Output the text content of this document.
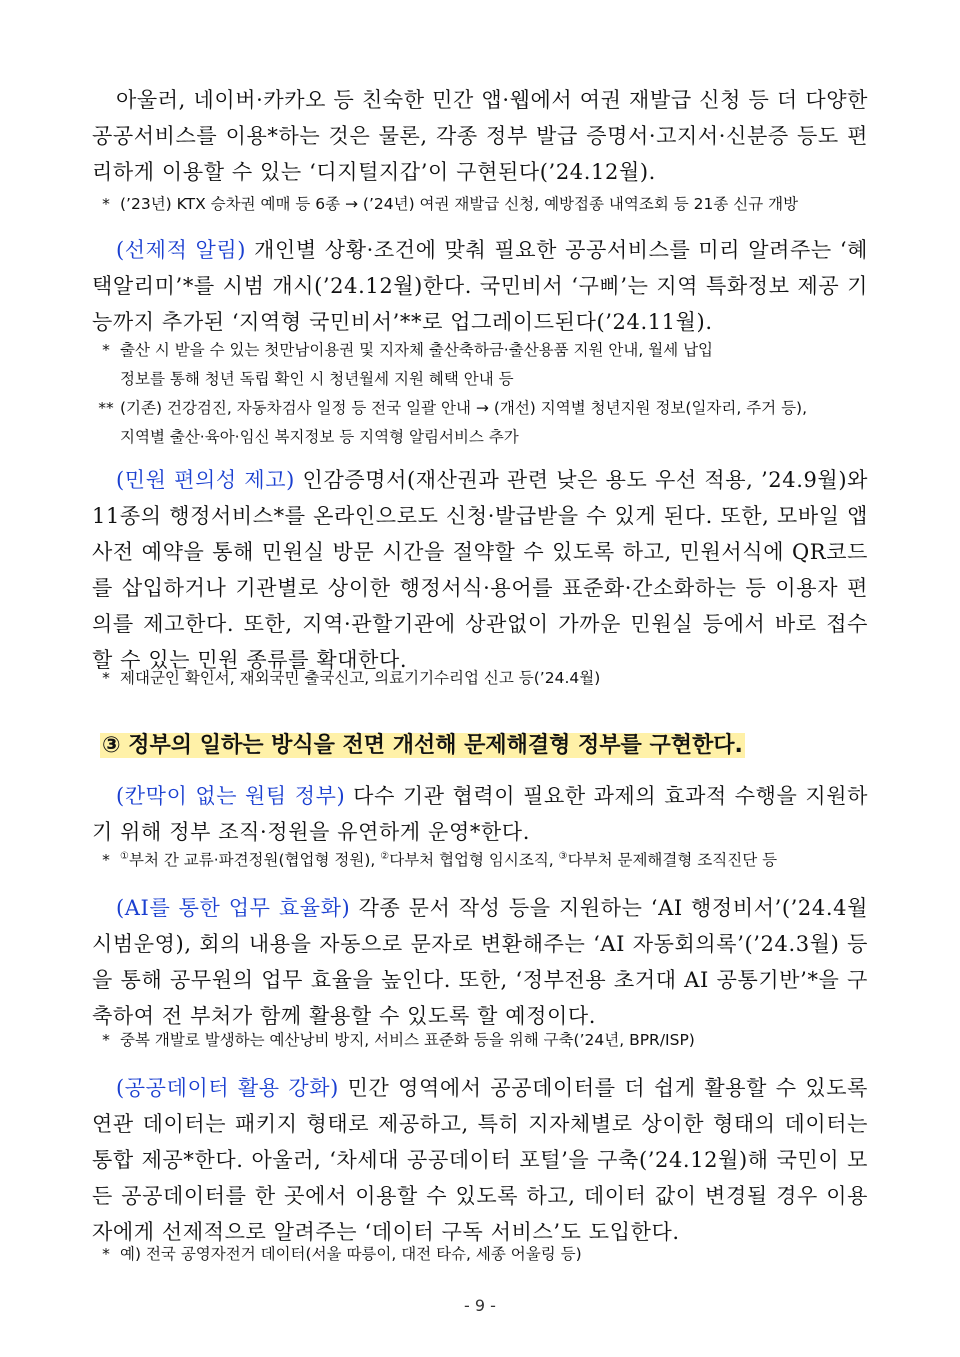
아울러, 네이버·카카오 등 친숙한 민간 앱·웹에서 여권 재발급 신청 등 더 다양한 공공서비스를 이용*하는 것은 물론, 각종 정부 발급 증명서·고지서·신분증 등도 편리하게 이용할 수 있는 ‘디지털지갑’이 구현된다(’24.12월).
* (’23년) KTX 승차권 예매 등 6종 → (’24년) 여권 재발급 신청, 예방접종 내역조회 등 21종 신규 개방
(선제적 알림) 개인별 상황·조건에 맞춰 필요한 공공서비스를 미리 알려주는 ‘혜택알리미’*를 시범 개시(’24.12월)한다. 국민비서 ‘구삐’는 지역 특화정보 제공 기능까지 추가된 ‘지역형 국민비서’**로 업그레이드된다(’24.11월).
* 출산 시 받을 수 있는 첫만남이용권 및 지자체 출산축하금·출산용품 지원 안내, 월세 납입
정보를 통해 청년 독립 확인 시 청년월세 지원 혜택 안내 등
** (기존) 건강검진, 자동차검사 일정 등 전국 일괄 안내 → (개선) 지역별 청년지원 정보(일자리, 주거 등),
지역별 출산·육아·임신 복지정보 등 지역형 알림서비스 추가
(민원 편의성 제고) 인감증명서(재산권과 관련 낮은 용도 우선 적용, ’24.9월)와 11종의 행정서비스*를 온라인으로도 신청·발급받을 수 있게 된다. 또한, 모바일 앱 사전 예약을 통해 민원실 방문 시간을 절약할 수 있도록 하고, 민원서식에 QR코드를 삽입하거나 기관별로 상이한 행정서식·용어를 표준화·간소화하는 등 이용자 편의를 제고한다. 또한, 지역·관할기관에 상관없이 가까운 민원실 등에서 바로 접수할 수 있는 민원 종류를 확대한다.
* 제대군인 확인서, 재외국민 출국신고, 의료기기수리업 신고 등(’24.4월)
③ 정부의 일하는 방식을 전면 개선해 문제해결형 정부를 구현한다.
(칸막이 없는 원팀 정부) 다수 기관 협력이 필요한 과제의 효과적 수행을 지원하기 위해 정부 조직·정원을 유연하게 운영*한다.
*	①부처 간 교류·파견정원(협업형 정원), ②다부처 협업형 임시조직, ③다부처 문제해결형 조직진단 등
(AI를 통한 업무 효율화) 각종 문서 작성 등을 지원하는 ‘AI 행정비서’(’24.4월 시범운영), 회의 내용을 자동으로 문자로 변환해주는 ‘AI 자동회의록’(’24.3월) 등을 통해 공무원의 업무 효율을 높인다. 또한, ‘정부전용 초거대 AI 공통기반’*을 구축하여 전 부처가 함께 활용할 수 있도록 할 예정이다.
* 중복 개발로 발생하는 예산낭비 방지, 서비스 표준화 등을 위해 구축(’24년, BPR/ISP)
(공공데이터 활용 강화) 민간 영역에서 공공데이터를 더 쉽게 활용할 수 있도록 연관 데이터는 패키지 형태로 제공하고, 특히 지자체별로 상이한 형태의 데이터는 통합 제공*한다. 아울러, ‘차세대 공공데이터 포털’을 구축(’24.12월)해 국민이 모든 공공데이터를 한 곳에서 이용할 수 있도록 하고, 데이터 값이 변경될 경우 이용자에게 선제적으로 알려주는 ‘데이터 구독 서비스’도 도입한다.
* 예) 전국 공영자전거 데이터(서울 따릉이, 대전 타슈, 세종 어울링 등)
- 9 -
